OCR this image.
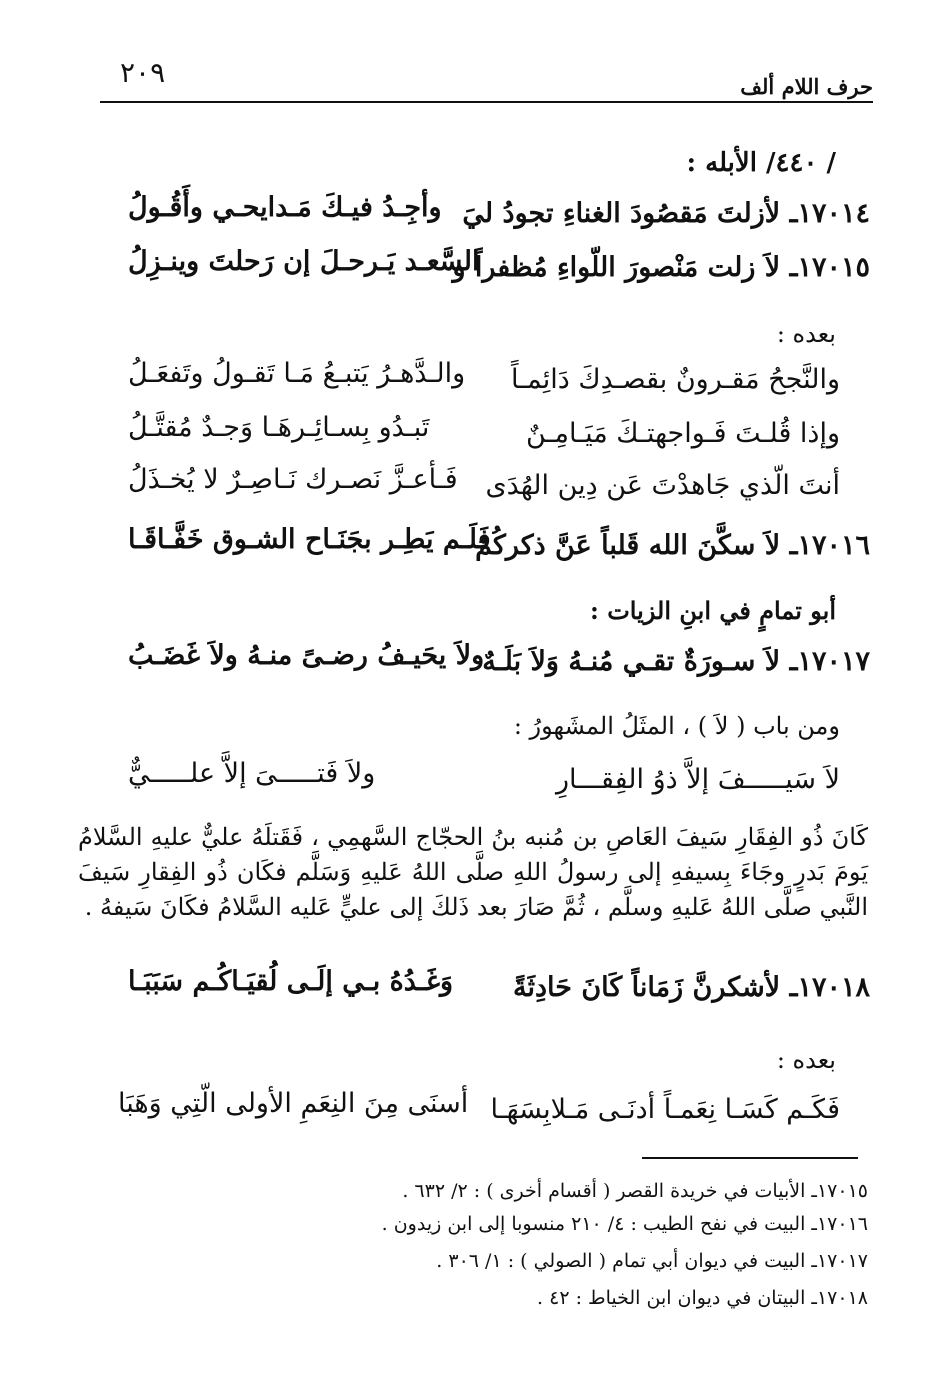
٢٠٩	حرف اللام ألف
/ ٤٤٠/ الأبله :
١٧٠١٤ـ لأزلتَ مَقصُودَ الغناءِ تجودُ ليَ
وأجِـدُ فيـكَ مَـدايحـي وأَقُـولُ
١٧٠١٥ـ لاَ زلت مَنْصورَ اللّواءِ مُظفراً و
السَّعـد يَـرحـلَ إن رَحلتَ وينـزِلُ
بعده :
والنَّجحُ مَقـرونٌ بقصـدِكَ دَائِمـاً
والـدَّهـرُ يَتبـعُ مَـا تَقـولُ وتَفعَـلُ
وإذا قُلـتَ فَـواجهتـكَ مَيَـامِـنٌ
تَبـدُو بِسـائِـرهَـا وَجـدٌ مُقتَّـلُ
أنتَ الّذي جَاهدْتَ عَن دِين الهُدَى
فَـأعـزَّ نَصـرك نَـاصِـرٌ لا يُخـذَلُ
١٧٠١٦ـ لاَ سكَّنَ الله قَلباً عَنَّ ذكركُمُ
فَلَـم يَطِـر بجَنَـاح الشـوق خَفَّـاقَـا
أبو تمامٍ في ابنِ الزيات :
١٧٠١٧ـ لاَ سـورَةٌ تقـي مُنـهُ وَلاَ بَلَـهٌ
ولاَ يحَيـفُ رضـىً منـهُ ولاَ غَضَـبُ
ومن باب ( لاَ ) ، المثَلُ المشَهورُ :
لاَ سَيـــــفَ إلاَّ ذوُ الفِقـــارِ
ولاَ فَتـــــىَ إلاَّ علـــــيٌّ
كَانَ ذُو الفِقَارِ سَيفَ العَاصِ بن مُنبه بنُ الحجّاج السَّهمِي ، فَقَتلَهُ عليٌّ عليهِ السَّلامُ يَومَ بَدرٍ وجَاءَ بِسيفهِ إلى رسولُ اللهِ صلَّى اللهُ عَليهِ وَسَلَّم فكَان ذُو الفِقارِ سَيفَ النَّبي صلَّى اللهُ عَليهِ وسلَّم ، ثُمَّ صَارَ بعد ذَلكَ إلى عليٍّ عَليه السَّلامُ فكَانَ سَيفهُ .
١٧٠١٨ـ لأشكرنَّ زَمَاناً كَانَ حَادِثَةً
وَغَـدُهُ بـي إلَـى لُقيَـاكُـم سَبَبَـا
بعده :
فَكَـم كَسَـا نِعَمـاً أدنَـى مَـلابِسَهَـا
أسنَى مِنَ النِعَمِ الأولى الّتِي وَهَبَا
١٧٠١٥ـ الأبيات في خريدة القصر ( أقسام أخرى ) : ٢/ ٦٣٢ .
١٧٠١٦ـ البيت في نفح الطيب : ٤/ ٢١٠ منسوبا إلى ابن زيدون .
١٧٠١٧ـ البيت في ديوان أبي تمام ( الصولي ) : ١/ ٣٠٦ .
١٧٠١٨ـ البيتان في ديوان ابن الخياط : ٤٢ .
